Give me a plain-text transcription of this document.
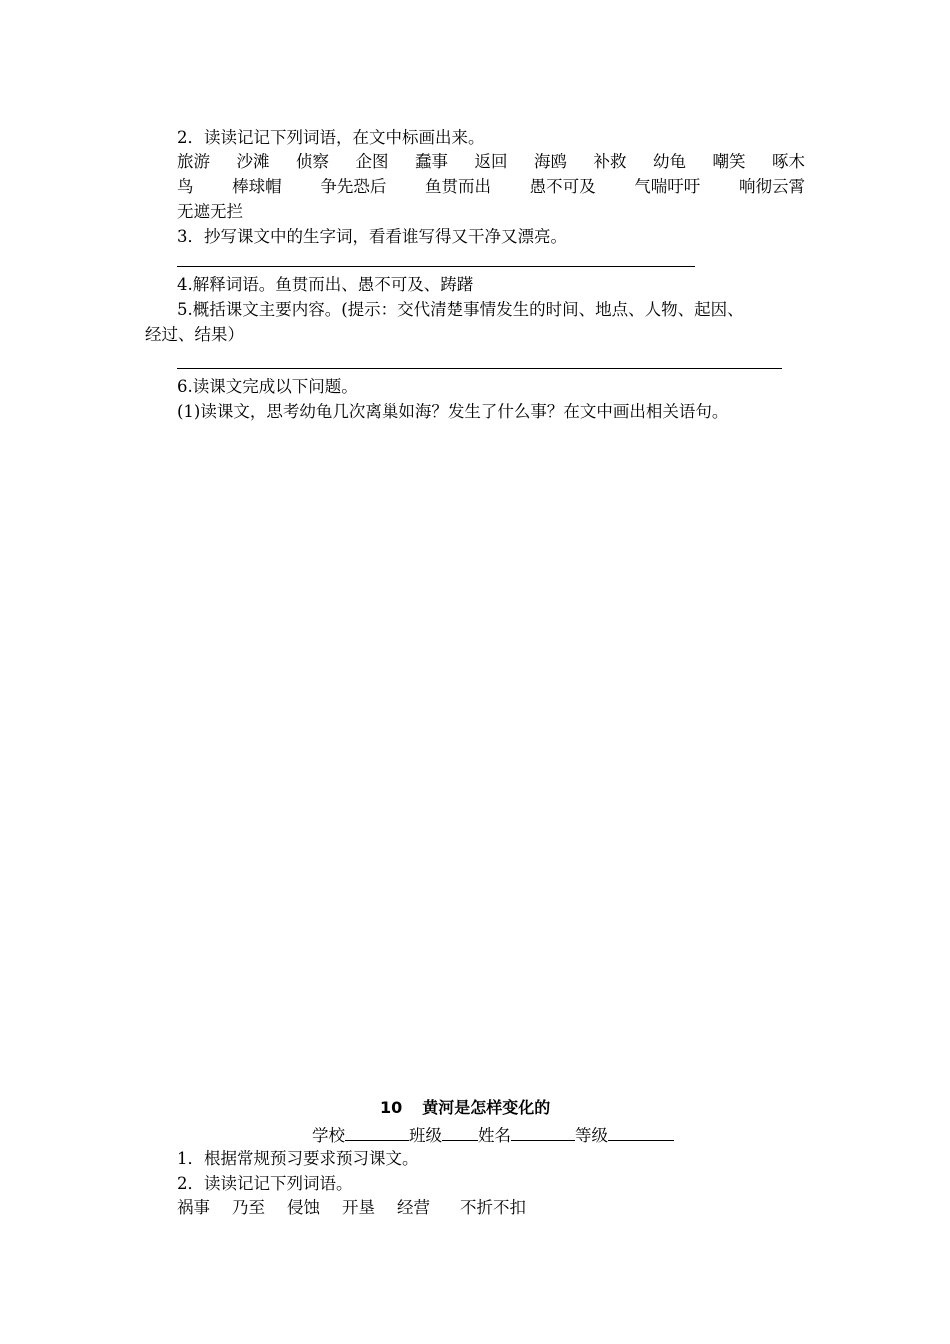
2．读读记记下列词语，在文中标画出来。
旅游 沙滩 侦察 企图 蠢事 返回 海鸥 补救 幼龟 嘲笑 啄木
鸟 棒球帽 争先恐后 鱼贯而出 愚不可及 气喘吁吁 响彻云霄
无遮无拦
3．抄写课文中的生字词，看看谁写得又干净又漂亮。
4.解释词语。鱼贯而出、愚不可及、踌躇
5.概括课文主要内容。(提示：交代清楚事情发生的时间、地点、人物、起因、
经过、结果）
6.读课文完成以下问题。
(1)读课文，思考幼龟几次离巢如海？发生了什么事？在文中画出相关语句。
10 黄河是怎样变化的
学校	班级 姓名	等级
1．根据常规预习要求预习课文。
2．读读记记下列词语。
祸事 乃至 侵蚀 开垦 经营 不折不扣
